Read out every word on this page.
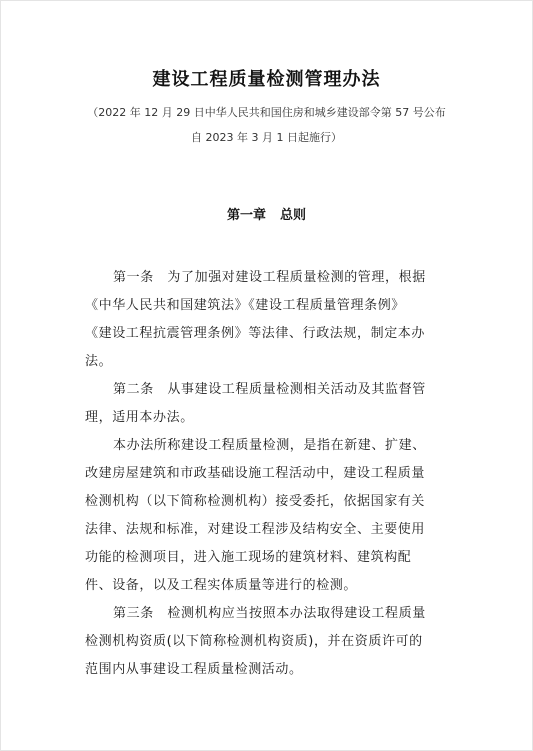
建设工程质量检测管理办法
（2022 年 12 月 29 日中华人民共和国住房和城乡建设部令第 57 号公布
自 2023 年 3 月 1 日起施行）
第一章 总则
第一条　为了加强对建设工程质量检测的管理，根据
《中华人民共和国建筑法》《建设工程质量管理条例》
《建设工程抗震管理条例》等法律、行政法规，制定本办
法。
第二条　从事建设工程质量检测相关活动及其监督管
理，适用本办法。
本办法所称建设工程质量检测，是指在新建、扩建、
改建房屋建筑和市政基础设施工程活动中，建设工程质量
检测机构（以下简称检测机构）接受委托，依据国家有关
法律、法规和标准，对建设工程涉及结构安全、主要使用
功能的检测项目，进入施工现场的建筑材料、建筑构配
件、设备，以及工程实体质量等进行的检测。
第三条　检测机构应当按照本办法取得建设工程质量
检测机构资质(以下简称检测机构资质)，并在资质许可的
范围内从事建设工程质量检测活动。
